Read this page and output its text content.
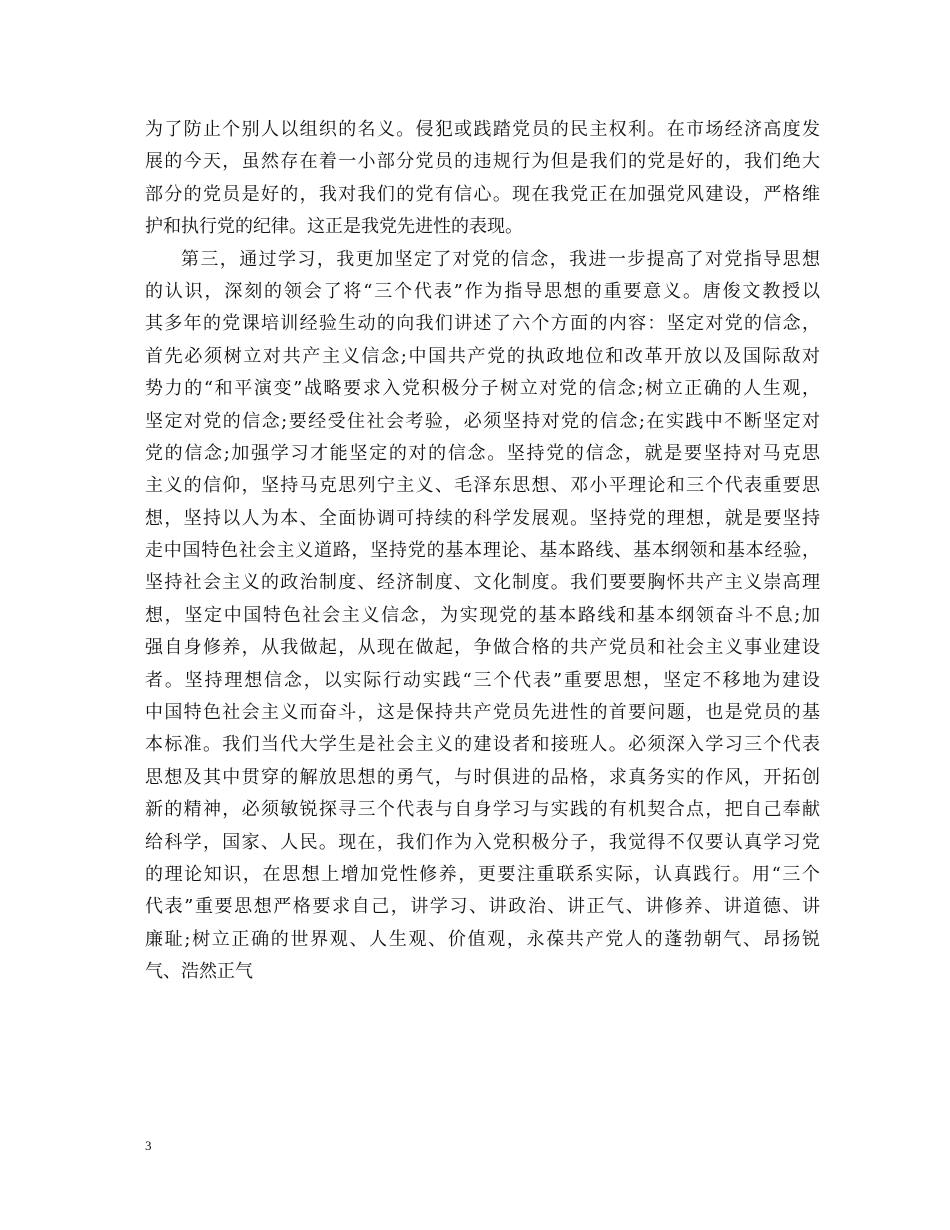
为了防止个别人以组织的名义。侵犯或践踏党员的民主权利。在市场经济高度发
展的今天，虽然存在着一小部分党员的违规行为但是我们的党是好的，我们绝大
部分的党员是好的，我对我们的党有信心。现在我党正在加强党风建设，严格维
护和执行党的纪律。这正是我党先进性的表现。
第三，通过学习，我更加坚定了对党的信念，我进一步提高了对党指导思想
的认识，深刻的领会了将“三个代表”作为指导思想的重要意义。唐俊文教授以
其多年的党课培训经验生动的向我们讲述了六个方面的内容：坚定对党的信念，
首先必须树立对共产主义信念;中国共产党的执政地位和改革开放以及国际敌对
势力的“和平演变”战略要求入党积极分子树立对党的信念;树立正确的人生观，
坚定对党的信念;要经受住社会考验，必须坚持对党的信念;在实践中不断坚定对
党的信念;加强学习才能坚定的对的信念。坚持党的信念，就是要坚持对马克思
主义的信仰，坚持马克思列宁主义、毛泽东思想、邓小平理论和三个代表重要思
想，坚持以人为本、全面协调可持续的科学发展观。坚持党的理想，就是要坚持
走中国特色社会主义道路，坚持党的基本理论、基本路线、基本纲领和基本经验，
坚持社会主义的政治制度、经济制度、文化制度。我们要要胸怀共产主义崇高理
想，坚定中国特色社会主义信念，为实现党的基本路线和基本纲领奋斗不息;加
强自身修养，从我做起，从现在做起，争做合格的共产党员和社会主义事业建设
者。坚持理想信念，以实际行动实践“三个代表”重要思想，坚定不移地为建设
中国特色社会主义而奋斗，这是保持共产党员先进性的首要问题，也是党员的基
本标准。我们当代大学生是社会主义的建设者和接班人。必须深入学习三个代表
思想及其中贯穿的解放思想的勇气，与时俱进的品格，求真务实的作风，开拓创
新的精神，必须敏锐探寻三个代表与自身学习与实践的有机契合点，把自己奉献
给科学，国家、人民。现在，我们作为入党积极分子，我觉得不仅要认真学习党
的理论知识，在思想上增加党性修养，更要注重联系实际，认真践行。用“三个
代表”重要思想严格要求自己，讲学习、讲政治、讲正气、讲修养、讲道德、讲
廉耻;树立正确的世界观、人生观、价值观，永葆共产党人的蓬勃朝气、昂扬锐
气、浩然正气
3
